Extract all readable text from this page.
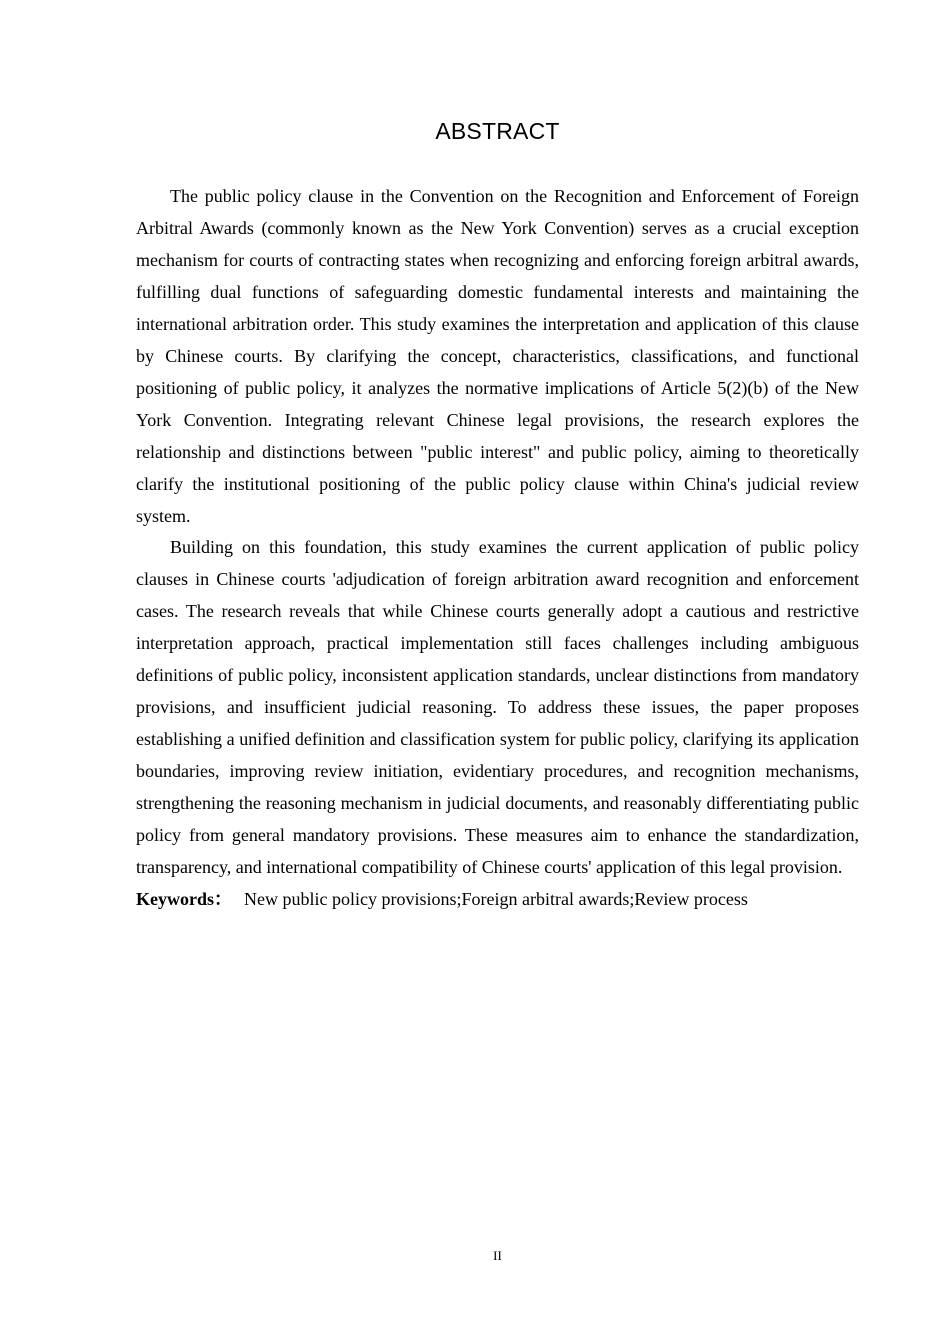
ABSTRACT

The public policy clause in the Convention on the Recognition and Enforcement of Foreign Arbitral Awards (commonly known as the New York Convention) serves as a crucial exception mechanism for courts of contracting states when recognizing and enforcing foreign arbitral awards, fulfilling dual functions of safeguarding domestic fundamental interests and maintaining the international arbitration order. This study examines the interpretation and application of this clause by Chinese courts. By clarifying the concept, characteristics, classifications, and functional positioning of public policy, it analyzes the normative implications of Article 5(2)(b) of the New York Convention. Integrating relevant Chinese legal provisions, the research explores the relationship and distinctions between "public interest" and public policy, aiming to theoretically clarify the institutional positioning of the public policy clause within China's judicial review system.

Building on this foundation, this study examines the current application of public policy clauses in Chinese courts 'adjudication of foreign arbitration award recognition and enforcement cases. The research reveals that while Chinese courts generally adopt a cautious and restrictive interpretation approach, practical implementation still faces challenges including ambiguous definitions of public policy, inconsistent application standards, unclear distinctions from mandatory provisions, and insufficient judicial reasoning. To address these issues, the paper proposes establishing a unified definition and classification system for public policy, clarifying its application boundaries, improving review initiation, evidentiary procedures, and recognition mechanisms, strengthening the reasoning mechanism in judicial documents, and reasonably differentiating public policy from general mandatory provisions. These measures aim to enhance the standardization, transparency, and international compatibility of Chinese courts' application of this legal provision.

Keywords： New public policy provisions;Foreign arbitral awards;Review process

II
